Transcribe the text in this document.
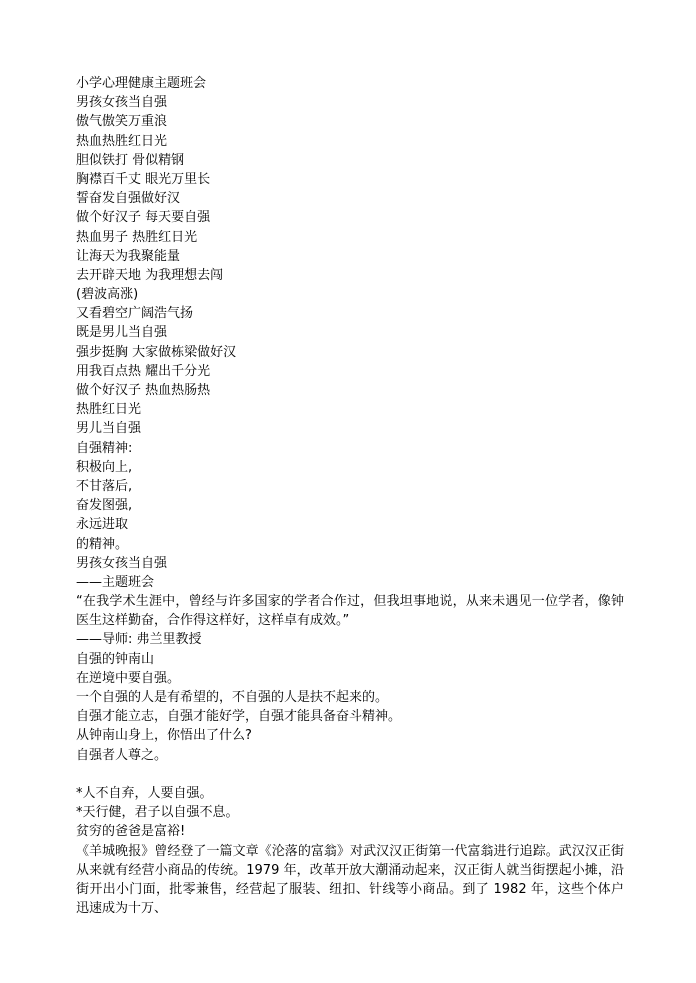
小学心理健康主题班会
男孩女孩当自强
傲气傲笑万重浪
热血热胜红日光
胆似铁打 骨似精钢
胸襟百千丈 眼光万里长
誓奋发自强做好汉
做个好汉子 每天要自强
热血男子 热胜红日光
让海天为我聚能量
去开辟天地 为我理想去闯
(碧波高涨)
又看碧空广阔浩气扬
既是男儿当自强
强步挺胸 大家做栋梁做好汉
用我百点热 耀出千分光
做个好汉子 热血热肠热
热胜红日光
男儿当自强
自强精神:
积极向上,
不甘落后,
奋发图强,
永远进取
的精神。
男孩女孩当自强
——主题班会
“在我学术生涯中，曾经与许多国家的学者合作过，但我坦事地说，从来未遇见一位学者，像钟医生这样勤奋，合作得这样好，这样卓有成效。”
——导师: 弗兰里教授
自强的钟南山
在逆境中要自强。
一个自强的人是有希望的，不自强的人是扶不起来的。
自强才能立志，自强才能好学，自强才能具备奋斗精神。
从钟南山身上，你悟出了什么?
自强者人尊之。
*人不自弃，人要自强。
*天行健，君子以自强不息。
贫穷的爸爸是富裕!
《羊城晚报》曾经登了一篇文章《沦落的富翁》对武汉汉正街第一代富翁进行追踪。武汉汉正街从来就有经营小商品的传统。1979 年，改革开放大潮涌动起来，汉正街人就当街摆起小摊，沿街开出小门面，批零兼售，经营起了服装、纽扣、针线等小商品。到了 1982 年，这些个体户迅速成为十万、
